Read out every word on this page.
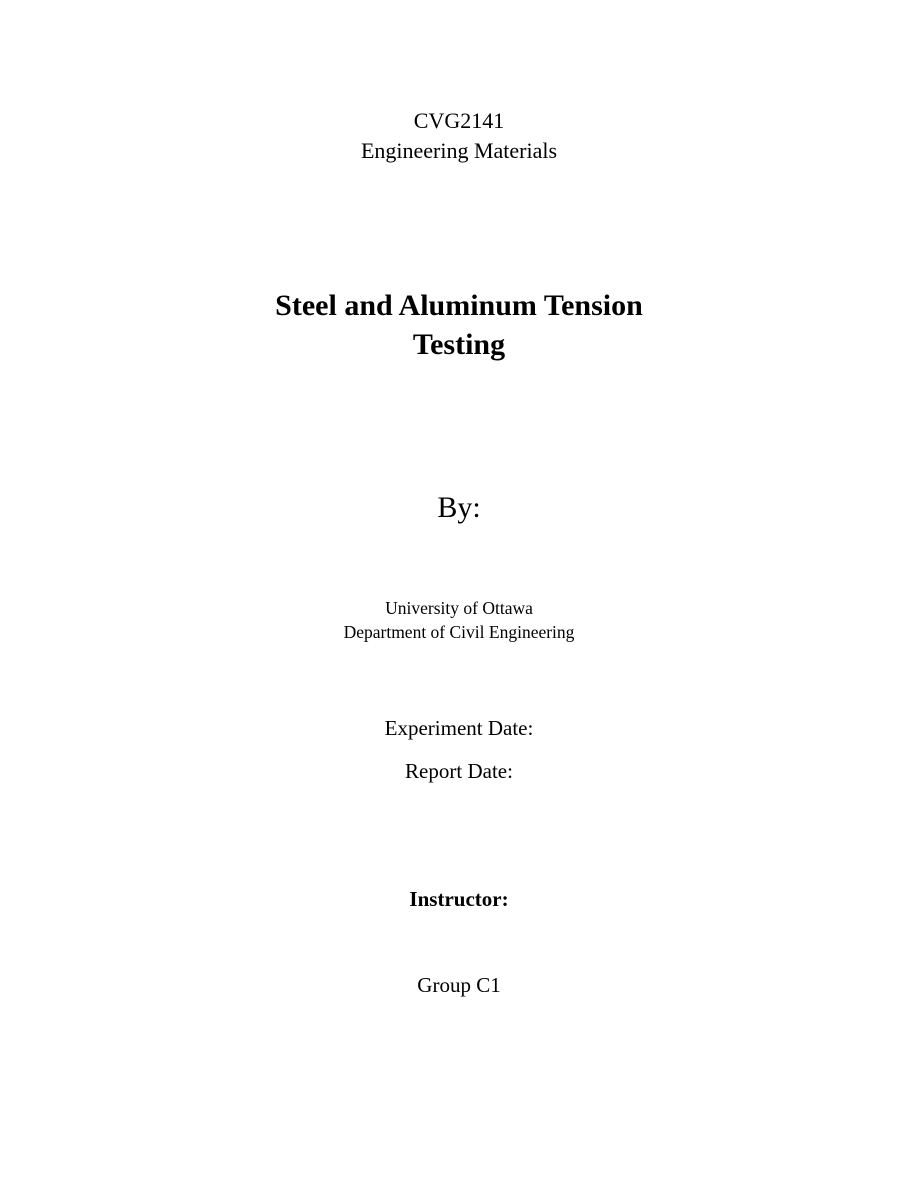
CVG2141
Engineering Materials
Steel and Aluminum Tension Testing
By:
University of Ottawa
Department of Civil Engineering
Experiment Date:
Report Date:
Instructor:
Group C1
